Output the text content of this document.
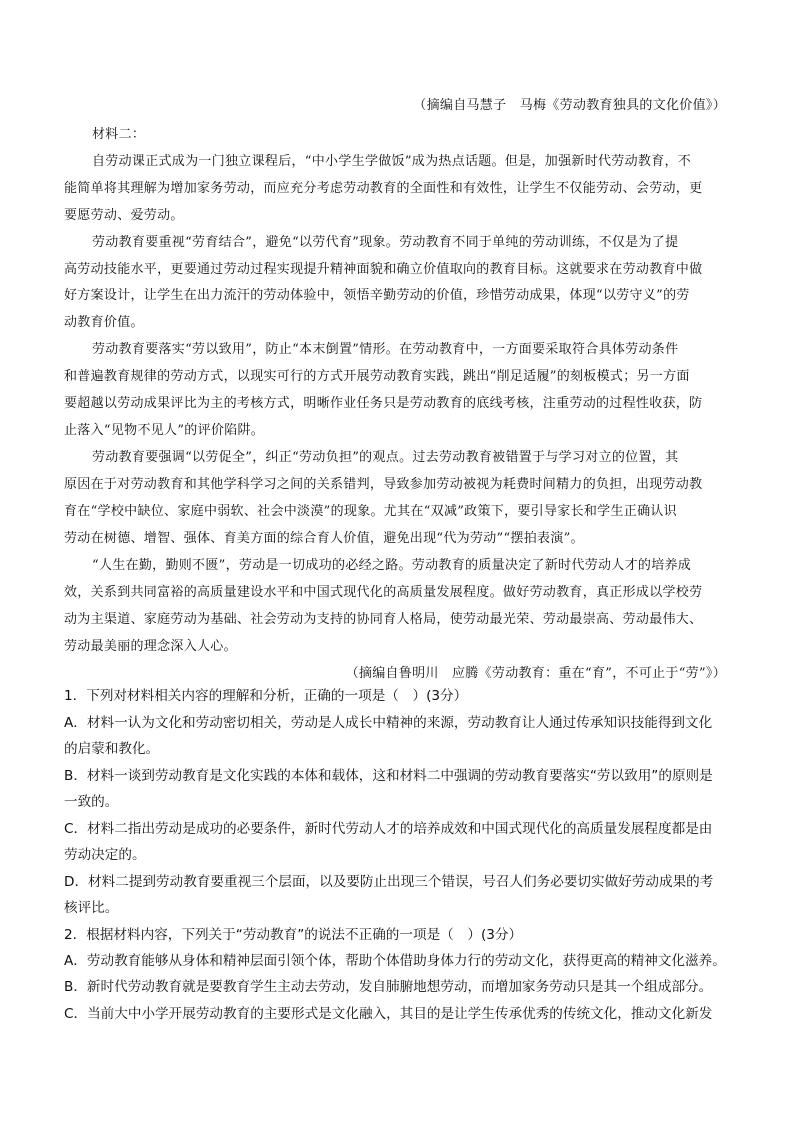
（摘编自马慧子　马梅《劳动教育独具的文化价值》）
材料二：
自劳动课正式成为一门独立课程后，“中小学生学做饭”成为热点话题。但是，加强新时代劳动教育，不
能简单将其理解为增加家务劳动，而应充分考虑劳动教育的全面性和有效性，让学生不仅能劳动、会劳动，更
要愿劳动、爱劳动。
劳动教育要重视“劳育结合”，避免“以劳代育”现象。劳动教育不同于单纯的劳动训练，不仅是为了提
高劳动技能水平，更要通过劳动过程实现提升精神面貌和确立价值取向的教育目标。这就要求在劳动教育中做
好方案设计，让学生在出力流汗的劳动体验中，领悟辛勤劳动的价值，珍惜劳动成果，体现“以劳守义”的劳
动教育价值。
劳动教育要落实“劳以致用”，防止“本末倒置”情形。在劳动教育中，一方面要采取符合具体劳动条件
和普遍教育规律的劳动方式，以现实可行的方式开展劳动教育实践，跳出“削足适履”的刻板模式；另一方面
要超越以劳动成果评比为主的考核方式，明晰作业任务只是劳动教育的底线考核，注重劳动的过程性收获，防
止落入“见物不见人”的评价陷阱。
劳动教育要强调“以劳促全”，纠正“劳动负担”的观点。过去劳动教育被错置于与学习对立的位置，其
原因在于对劳动教育和其他学科学习之间的关系错判，导致参加劳动被视为耗费时间精力的负担，出现劳动教
育在“学校中缺位、家庭中弱软、社会中淡漠”的现象。尤其在“双减”政策下，要引导家长和学生正确认识
劳动在树德、增智、强体、育美方面的综合育人价值，避免出现“代为劳动”“摆拍表演”。
“人生在勤，勤则不匮”，劳动是一切成功的必经之路。劳动教育的质量决定了新时代劳动人才的培养成
效，关系到共同富裕的高质量建设水平和中国式现代化的高质量发展程度。做好劳动教育，真正形成以学校劳
动为主渠道、家庭劳动为基础、社会劳动为支持的协同育人格局，使劳动最光荣、劳动最崇高、劳动最伟大、
劳动最美丽的理念深入人心。
（摘编自鲁明川　应腾《劳动教育：重在“育”，不可止于“劳”》）
1．下列对材料相关内容的理解和分析，正确的一项是（　）(3分）
A．材料一认为文化和劳动密切相关，劳动是人成长中精神的来源，劳动教育让人通过传承知识技能得到文化
的启蒙和教化。
B．材料一谈到劳动教育是文化实践的本体和载体，这和材料二中强调的劳动教育要落实“劳以致用”的原则是
一致的。
C．材料二指出劳动是成功的必要条件，新时代劳动人才的培养成效和中国式现代化的高质量发展程度都是由
劳动决定的。
D．材料二提到劳动教育要重视三个层面，以及要防止出现三个错误，号召人们务必要切实做好劳动成果的考
核评比。
2．根据材料内容，下列关于“劳动教育”的说法不正确的一项是（　）(3分）
A．劳动教育能够从身体和精神层面引领个体，帮助个体借助身体力行的劳动文化，获得更高的精神文化滋养。
B．新时代劳动教育就是要教育学生主动去劳动，发自肺腑地想劳动，而增加家务劳动只是其一个组成部分。
C．当前大中小学开展劳动教育的主要形式是文化融入，其目的是让学生传承优秀的传统文化，推动文化新发
